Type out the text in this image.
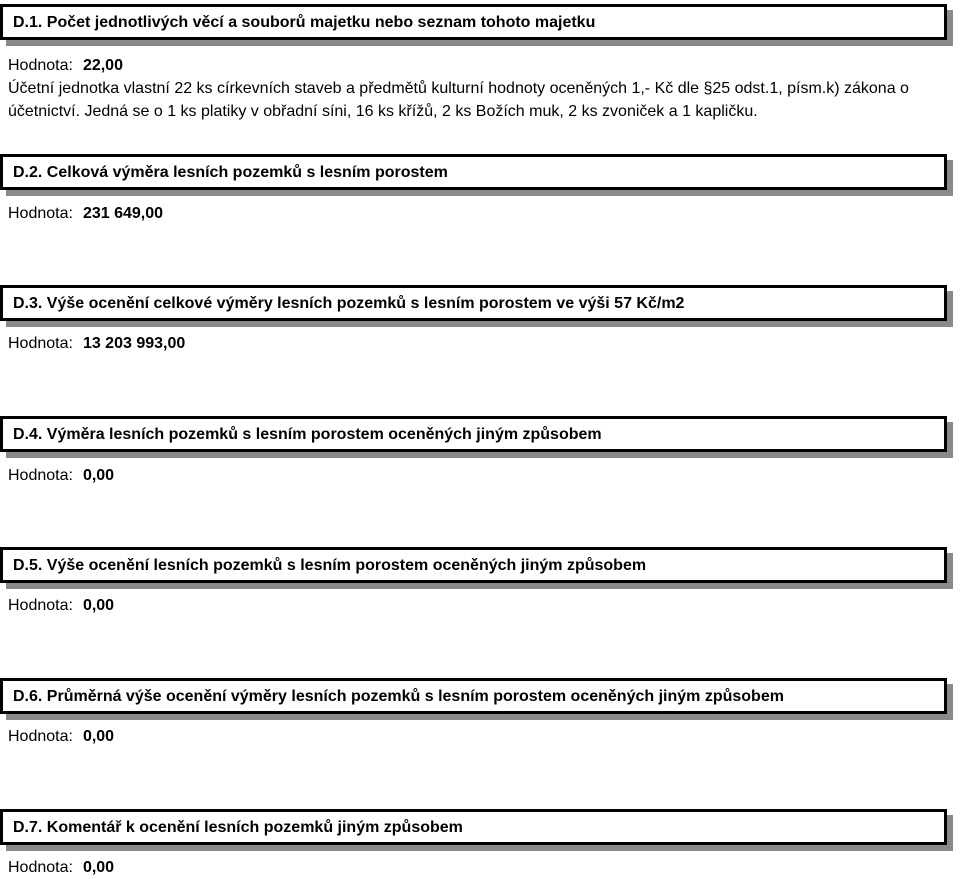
D.1. Počet jednotlivých věcí a souborů majetku nebo seznam tohoto majetku
Hodnota: 22,00
Účetní jednotka vlastní 22 ks církevních staveb a předmětů kulturní hodnoty oceněných 1,- Kč dle §25 odst.1, písm.k) zákona o účetnictví. Jedná se o 1 ks platiky v obřadní síni, 16 ks křížů, 2 ks Božích muk, 2 ks zvoniček a 1 kapličku.
D.2. Celková výměra lesních pozemků s lesním porostem
Hodnota: 231 649,00
D.3. Výše ocenění celkové výměry lesních pozemků s lesním porostem ve výši 57 Kč/m2
Hodnota: 13 203 993,00
D.4. Výměra lesních pozemků s lesním porostem oceněných jiným způsobem
Hodnota: 0,00
D.5. Výše ocenění lesních pozemků s lesním porostem oceněných jiným způsobem
Hodnota: 0,00
D.6. Průměrná výše ocenění výměry lesních pozemků s lesním porostem oceněných jiným způsobem
Hodnota: 0,00
D.7. Komentář k ocenění lesních pozemků jiným způsobem
Hodnota: 0,00
